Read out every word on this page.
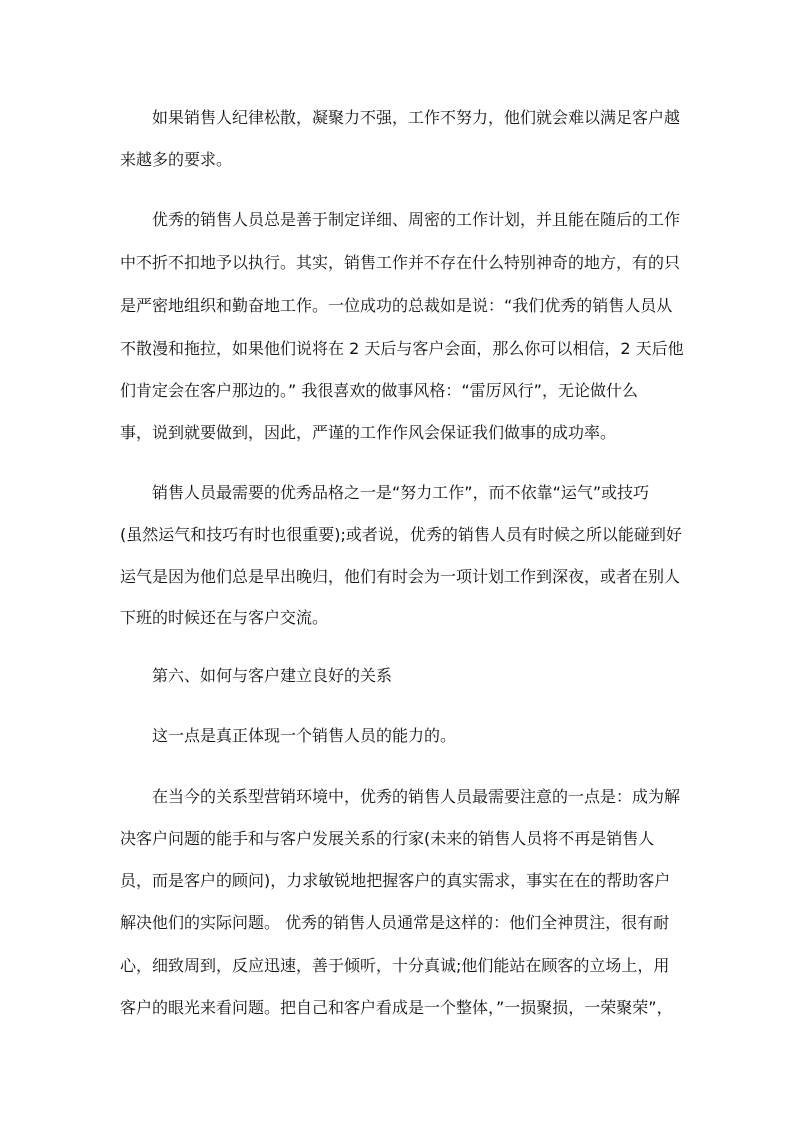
如果销售人纪律松散，凝聚力不强，工作不努力，他们就会难以满足客户越
来越多的要求。
优秀的销售人员总是善于制定详细、周密的工作计划，并且能在随后的工作
中不折不扣地予以执行。其实，销售工作并不存在什么特别神奇的地方，有的只
是严密地组织和勤奋地工作。一位成功的总裁如是说：“我们优秀的销售人员从
不散漫和拖拉，如果他们说将在 2 天后与客户会面，那么你可以相信，2 天后他
们肯定会在客户那边的。” 我很喜欢的做事风格：“雷厉风行”，无论做什么
事，说到就要做到，因此，严谨的工作作风会保证我们做事的成功率。
销售人员最需要的优秀品格之一是“努力工作”，而不依靠“运气”或技巧
(虽然运气和技巧有时也很重要);或者说，优秀的销售人员有时候之所以能碰到好
运气是因为他们总是早出晚归，他们有时会为一项计划工作到深夜，或者在别人
下班的时候还在与客户交流。
第六、如何与客户建立良好的关系
这一点是真正体现一个销售人员的能力的。
在当今的关系型营销环境中，优秀的销售人员最需要注意的一点是：成为解
决客户问题的能手和与客户发展关系的行家(未来的销售人员将不再是销售人
员，而是客户的顾问)，力求敏锐地把握客户的真实需求，事实在在的帮助客户
解决他们的实际问题。 优秀的销售人员通常是这样的：他们全神贯注，很有耐
心，细致周到，反应迅速，善于倾听，十分真诚;他们能站在顾客的立场上，用
客户的眼光来看问题。把自己和客户看成是一个整体，”一损聚损，一荣聚荣”，
